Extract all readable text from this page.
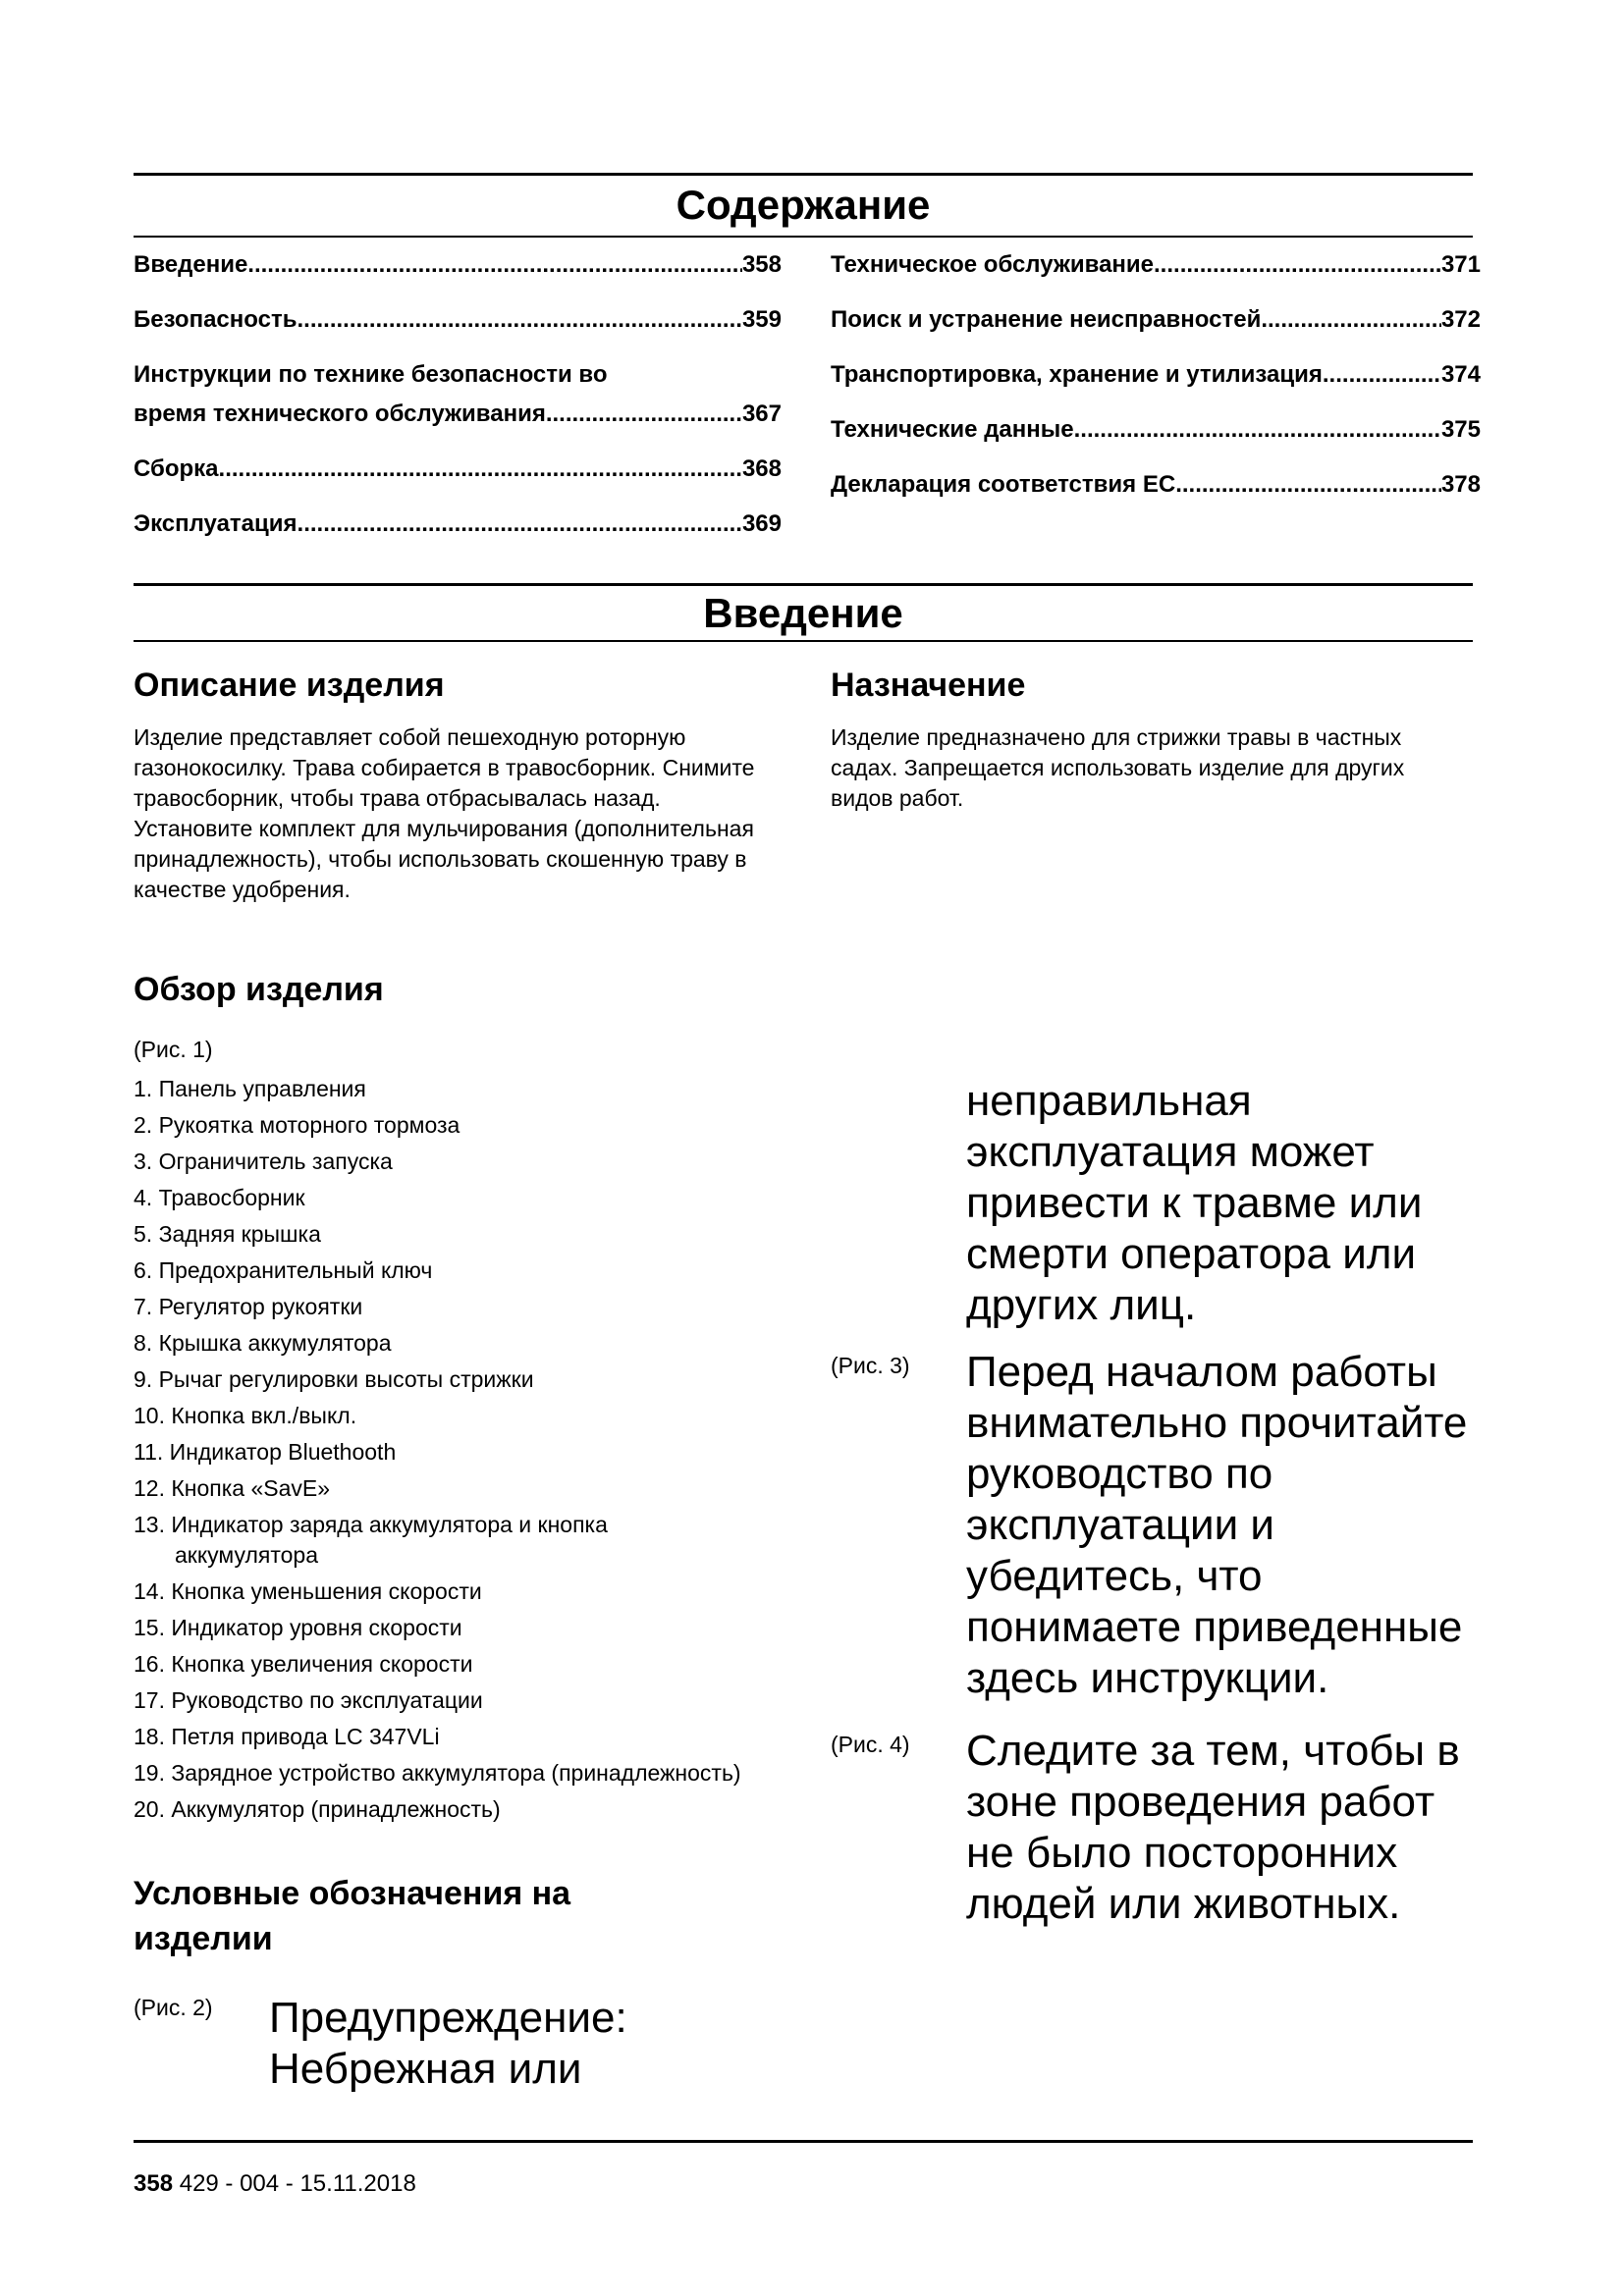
Содержание
Введение .....	358
Безопасность .....	359
Инструкции по технике безопасности во
время технического обслуживания .....	367
Сборка .....	368
Эксплуатация .....	369
Техническое обслуживание .....	371
Поиск и устранение неисправностей .....	372
Транспортировка, хранение и утилизация .....	374
Технические данные .....	375
Декларация соответствия ЕС .....	378
Введение
Описание изделия

Изделие представляет собой пешеходную роторную газонокосилку. Трава собирается в травосборник. Снимите травосборник, чтобы трава отбрасывалась назад. Установите комплект для мульчирования (дополнительная принадлежность), чтобы использовать скошенную траву в качестве удобрения.

Назначение

Изделие предназначено для стрижки травы в частных садах. Запрещается использовать изделие для других видов работ.

Обзор изделия
(Рис. 1)
1. Панель управления
2. Рукоятка моторного тормоза
3. Ограничитель запуска
4. Травосборник
5. Задняя крышка
6. Предохранительный ключ
7. Регулятор рукоятки
8. Крышка аккумулятора
9. Рычаг регулировки высоты стрижки
10. Кнопка вкл./выкл.
11. Индикатор Bluethooth
12. Кнопка «SavE»
13. Индикатор заряда аккумулятора и кнопка аккумулятора
14. Кнопка уменьшения скорости
15. Индикатор уровня скорости
16. Кнопка увеличения скорости
17. Руководство по эксплуатации
18. Петля привода LC 347VLi
19. Зарядное устройство аккумулятора (принадлежность)
20. Аккумулятор (принадлежность)
Условные обозначения на изделии
(Рис. 2) Предупреждение: Небрежная или
неправильная эксплуатация может привести к травме или смерти оператора или других лиц.
(Рис. 3) Перед началом работы внимательно прочитайте руководство по эксплуатации и убедитесь, что понимаете приведенные здесь инструкции.
(Рис. 4) Следите за тем, чтобы в зоне проведения работ не было посторонних людей или животных.
358 429 - 004 - 15.11.2018
